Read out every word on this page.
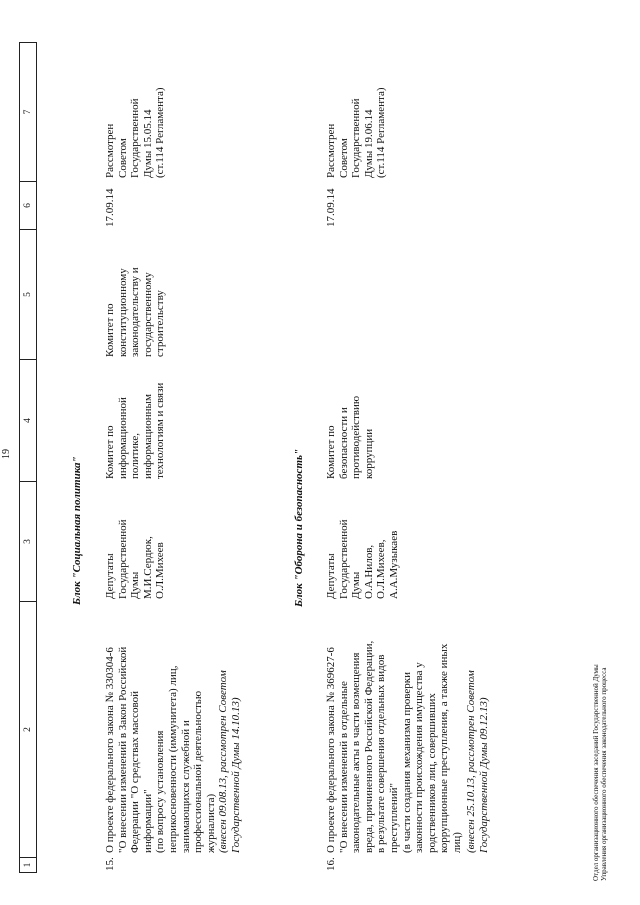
19
1
2
3
4
5
6
7
Блок "Социальная политика"
15.
О проекте федерального закона № 330304-6
"О внесении изменений в Закон Российской
Федерации "О средствах массовой
информации"
(по вопросу установления
неприкосновенности (иммунитета) лиц,
занимающихся служебной и
профессиональной деятельностью
журналиста) (внесен 09.08.13, рассмотрен Советом
Государственной Думы 14.10.13)
Депутаты
Государственной
Думы
М.И.Сердюк,
О.Л.Михеев
Комитет по
информационной
политике,
информационным
технологиям и связи
Комитет по
конституционному
законодательству и
государственному
строительству
17.09.14
Рассмотрен
Советом
Государственной
Думы 15.05.14
(ст.114 Регламента)
Блок "Оборона и безопасность"
16.
О проекте федерального закона № 369627-6
"О внесении изменений в отдельные
законодательные акты в части возмещения
вреда, причиненного Российской Федерации,
в результате совершения отдельных видов
преступлений"
(в части создания механизма проверки
законности происхождения имущества у
родственников лиц, совершивших
коррупционные преступления, а также иных
лиц) (внесен 25.10.13, рассмотрен Советом
Государственной Думы 09.12.13)
Депутаты
Государственной
Думы
О.А.Нилов,
О.Л.Михеев,
А.А.Музыкаев
Комитет по
безопасности и
противодействию
коррупции
17.09.14
Рассмотрен
Советом
Государственной
Думы 19.06.14
(ст.114 Регламента)
Отдел организационного обеспечения заседаний Государственной Думы
Управления организационного обеспечения законодательного процесса
